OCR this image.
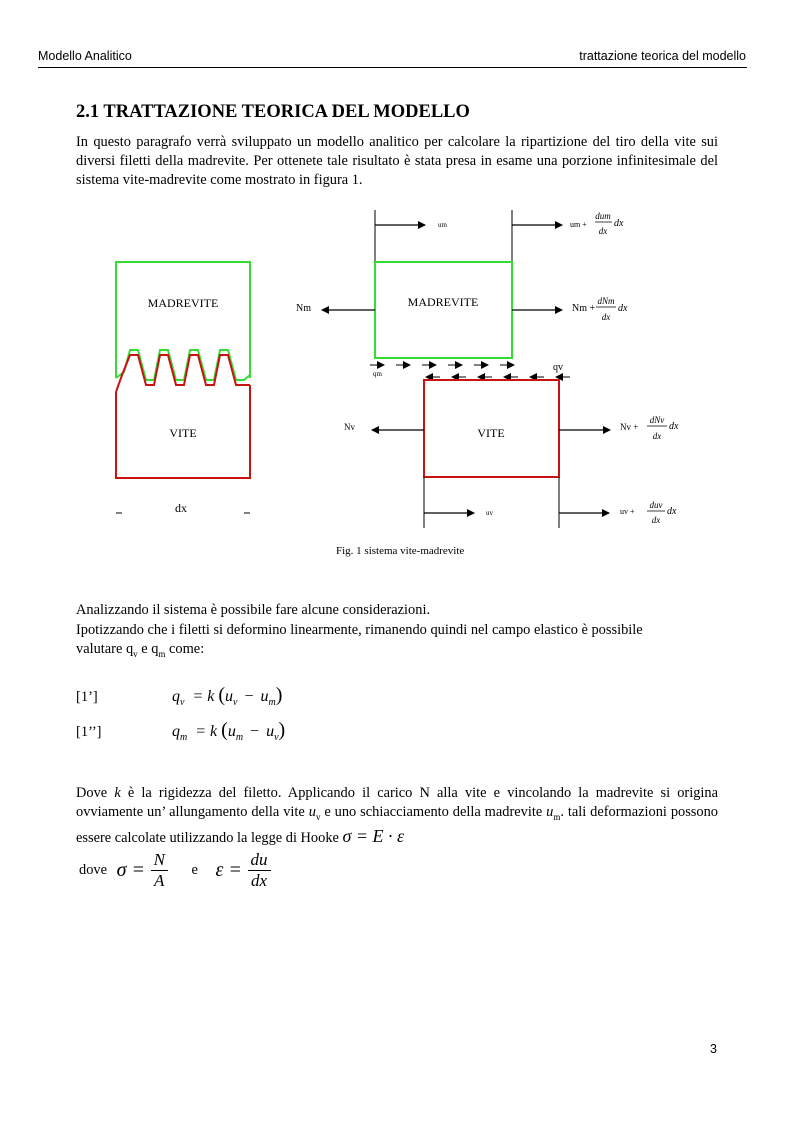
Modello Analitico	trattazione teorica del modello
2.1 TRATTAZIONE TEORICA DEL MODELLO

In questo paragrafo verrà sviluppato un modello analitico per calcolare la ripartizione del tiro della vite sui diversi filetti della madrevite. Per ottenete tale risultato è stata presa in esame una porzione infinitesimale del sistema vite-madrevite come mostrato in figura 1.

MADREVITE
VITE
dx
um	um +
dum
dx
dx
MADREVITE
Nm	Nm +
dNm
dx
dx
qm
qv
VITE
Nv	Nv +
dNv
dx
dx
uv	uv +
duv
dx
dx
Fig. 1 sistema vite-madrevite

Analizzando il sistema è possibile fare alcune considerazioni.

Ipotizzando che i filetti si deformino linearmente, rimanendo quindi nel campo elastico è possibile

valutare $q_v$ e $q_m$ come:

[1’]	$q_v = k$ $(u_v - u_m)$
[1’’]	$q_m = k$ $(u_m - u_v)$

Dove k è la rigidezza del filetto. Applicando il carico N alla vite e vincolando la madrevite si origina ovviamente un’ allungamento della vite $u_v$ e uno schiacciamento della madrevite $u_m$. tali deformazioni possono essere calcolate utilizzando la legge di Hooke σ = E · ε

dove $\sigma = \frac{N}{A}$ e $\varepsilon = \frac{du}{dx}$
3
